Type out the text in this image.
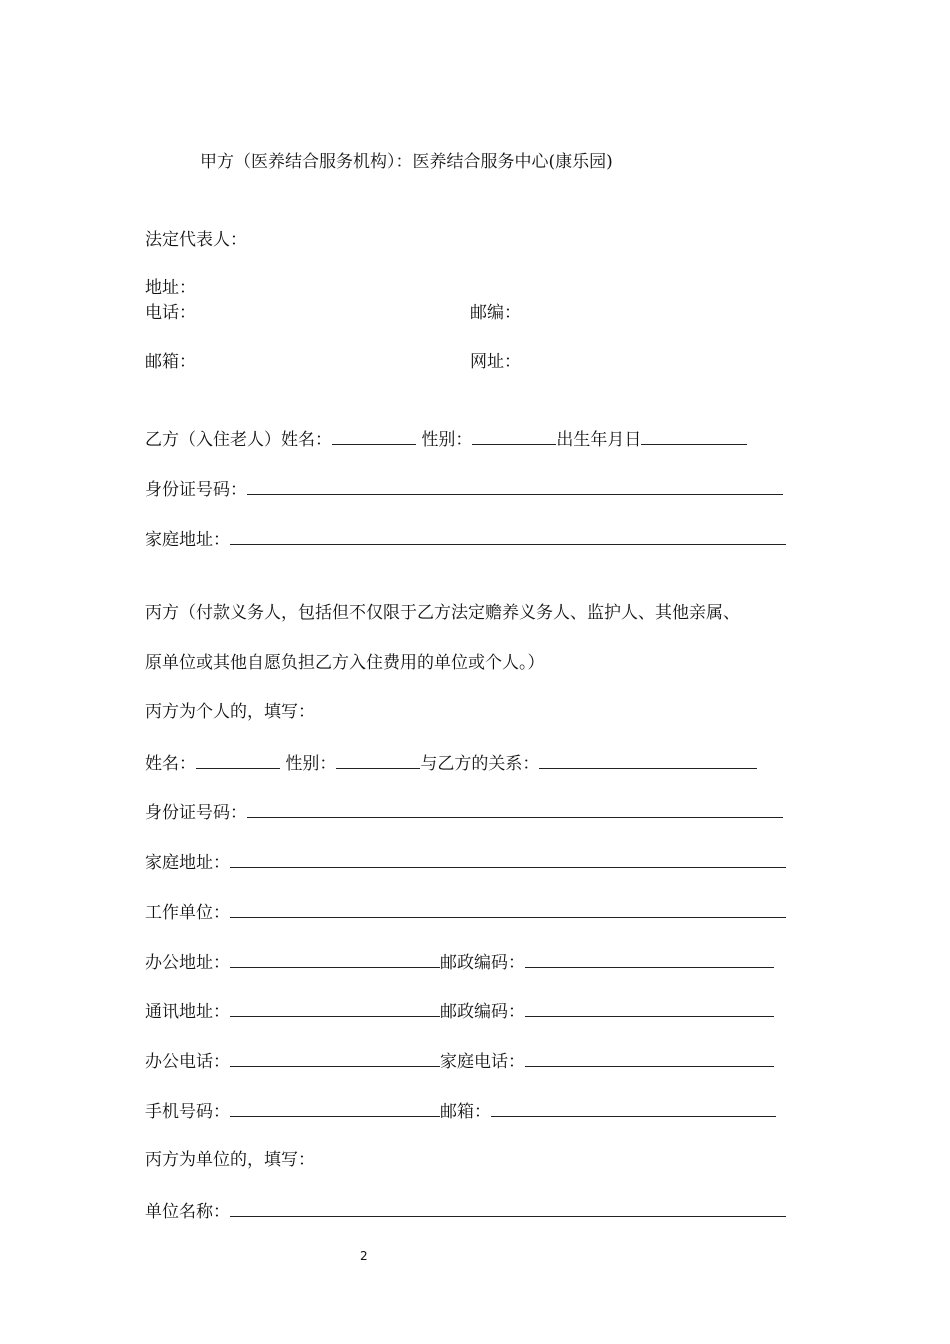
甲方（医养结合服务机构）：医养结合服务中心(康乐园)
法定代表人：
地址：
电话：	邮编：
邮箱：	网址：
乙方（入住老人）姓名：	性别：	出生年月日
身份证号码：
家庭地址：
丙方（付款义务人，包括但不仅限于乙方法定赡养义务人、监护人、其他亲属、
原单位或其他自愿负担乙方入住费用的单位或个人。）
丙方为个人的，填写：
姓名：	性别：	与乙方的关系：
身份证号码：
家庭地址：
工作单位：
办公地址：	邮政编码：
通讯地址：	邮政编码：
办公电话：	家庭电话：
手机号码：	邮箱：
丙方为单位的，填写：
单位名称：
2
